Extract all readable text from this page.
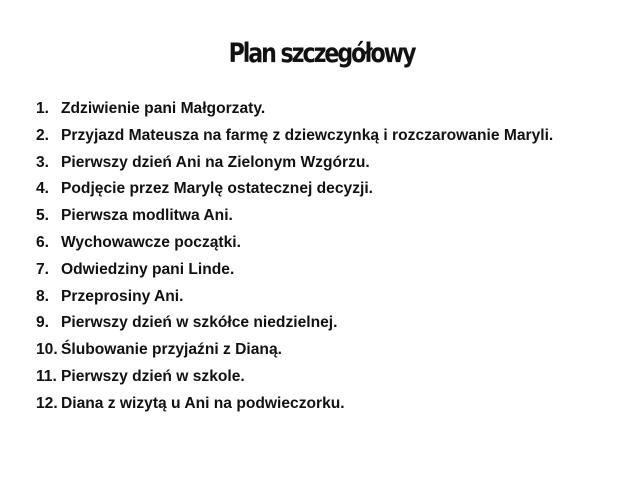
Plan szczegółowy
1. Zdziwienie pani Małgorzaty.
2. Przyjazd Mateusza na farmę z dziewczynką i rozczarowanie Maryli.
3. Pierwszy dzień Ani na Zielonym Wzgórzu.
4. Podjęcie przez Marylę ostatecznej decyzji.
5. Pierwsza modlitwa Ani.
6. Wychowawcze początki.
7. Odwiedziny pani Linde.
8. Przeprosiny Ani.
9. Pierwszy dzień w szkółce niedzielnej.
10. Ślubowanie przyjaźni z Dianą.
11. Pierwszy dzień w szkole.
12. Diana z wizytą u Ani na podwieczorku.
